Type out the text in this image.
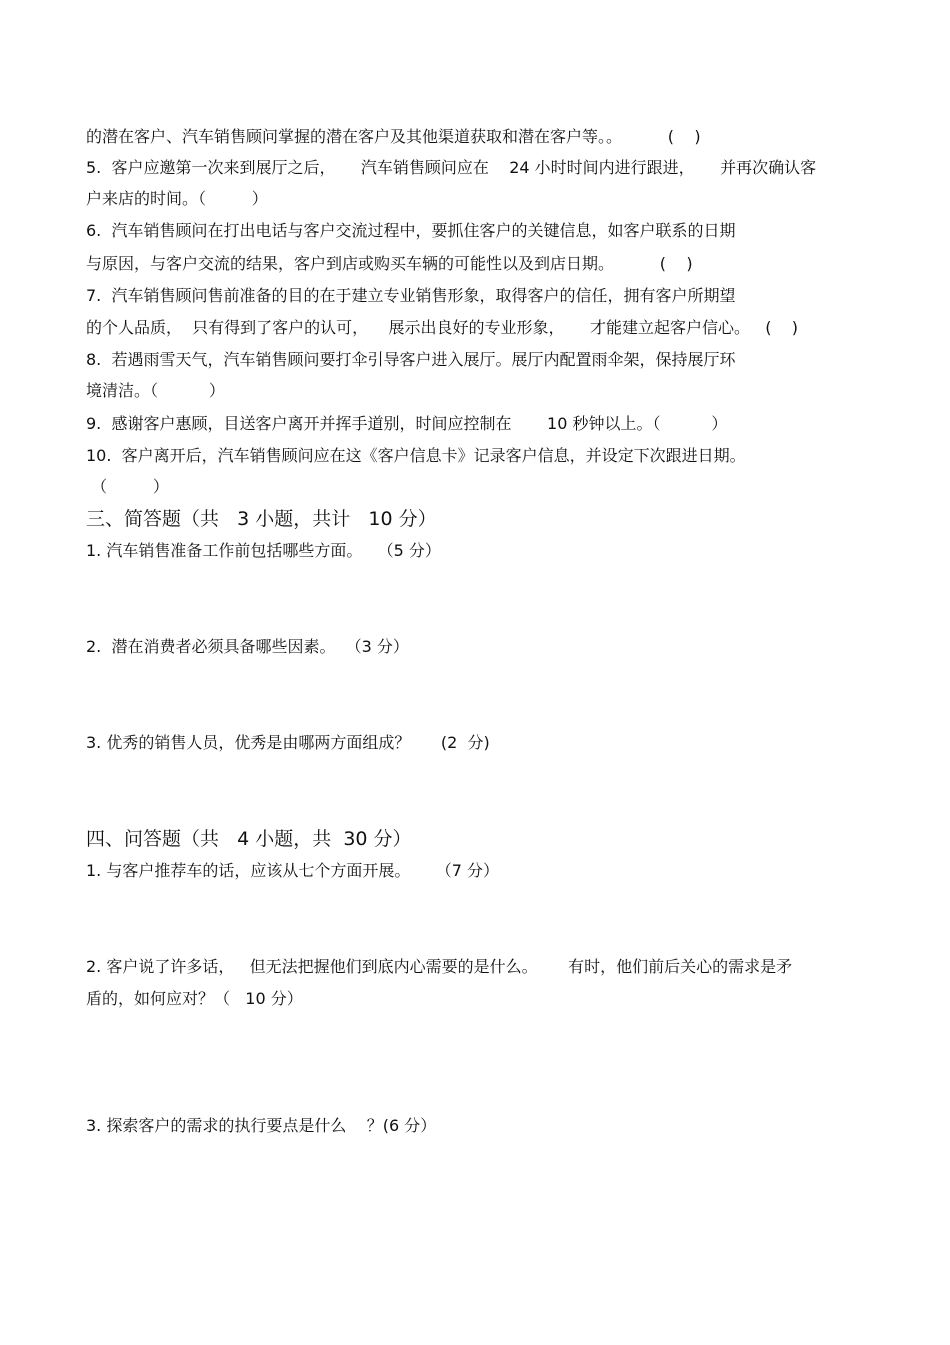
的潜在客户、汽车销售顾问掌握的潜在客户及其他渠道获取和潜在客户等。。         (    )
5.  客户应邀第一次来到展厅之后，     汽车销售顾问应在    24 小时时间内进行跟进，     并再次确认客
户来店的时间。（         ）
6.  汽车销售顾问在打出电话与客户交流过程中，要抓住客户的关键信息，如客户联系的日期
与原因，与客户交流的结果，客户到店或购买车辆的可能性以及到店日期。         (    )
7.  汽车销售顾问售前准备的目的在于建立专业销售形象，取得客户的信任，拥有客户所期望
的个人品质，  只有得到了客户的认可，    展示出良好的专业形象，     才能建立起客户信心。   (    )
8.  若遇雨雪天气，汽车销售顾问要打伞引导客户进入展厅。展厅内配置雨伞架，保持展厅环
境清洁。（          ）
9.  感谢客户惠顾，目送客户离开并挥手道别，时间应控制在       10 秒钟以上。（          ）
10.  客户离开后，汽车销售顾问应在这《客户信息卡》记录客户信息，并设定下次跟进日期。
（         ）
三、简答题（共   3 小题，共计   10 分）
1. 汽车销售准备工作前包括哪些方面。   （5 分）
2.  潜在消费者必须具备哪些因素。  （3 分）
3. 优秀的销售人员，优秀是由哪两方面组成？      (2  分)
四、问答题（共   4 小题，共  30 分）
1. 与客户推荐车的话，应该从七个方面开展。     （7 分）
2. 客户说了许多话，   但无法把握他们到底内心需要的是什么。      有时，他们前后关心的需求是矛
盾的，如何应对？（   10 分）
3. 探索客户的需求的执行要点是什么    ？(6 分）
